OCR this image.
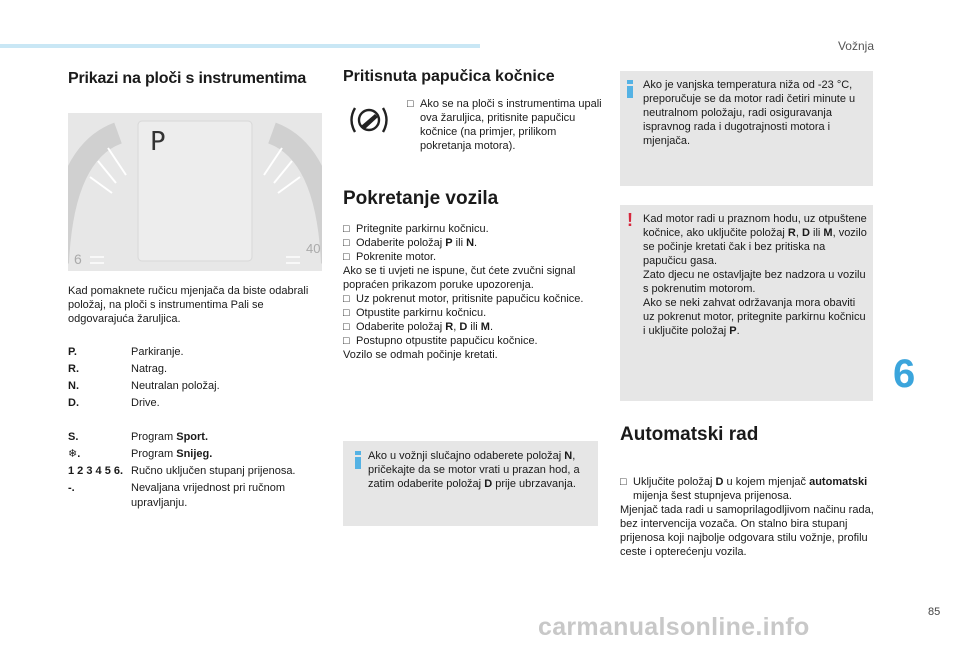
Vožnja
Prikazi na ploči s instrumentima
P
6
40
Kad pomaknete ručicu mjenjača da biste odabrali položaj, na ploči s instrumentima Pali se odgovarajuća žaruljica.
P.	Parkiranje.
R.	Natrag.
N.	Neutralan položaj.
D.	Drive.
S.	Program Sport.
❄.	Program Snijeg.
1 2 3 4 5 6. Ručno uključen stupanj prijenosa.
-.	Nevaljana vrijednost pri ručnom upravljanju.
Pritisnuta papučica kočnice
□ Ako se na ploči s instrumentima upali ova žaruljica, pritisnite papučicu kočnice (na primjer, prilikom pokretanja motora).
Pokretanje vozila
□ Pritegnite parkirnu kočnicu.
□ Odaberite položaj P ili N.
□ Pokrenite motor.
Ako se ti uvjeti ne ispune, čut ćete zvučni signal popraćen prikazom poruke upozorenja.
□ Uz pokrenut motor, pritisnite papučicu kočnice.
□ Otpustite parkirnu kočnicu.
□ Odaberite položaj R, D ili M.
□ Postupno otpustite papučicu kočnice.
Vozilo se odmah počinje kretati.
Ako u vožnji slučajno odaberete položaj N, pričekajte da se motor vrati u prazan hod, a zatim odaberite položaj D prije ubrzavanja.
Ako je vanjska temperatura niža od -23 °C, preporučuje se da motor radi četiri minute u neutralnom položaju, radi osiguravanja ispravnog rada i dugotrajnosti motora i mjenjača.
! Kad motor radi u praznom hodu, uz otpuštene kočnice, ako uključite položaj R, D ili M, vozilo se počinje kretati čak i bez pritiska na papučicu gasa.
Zato djecu ne ostavljajte bez nadzora u vozilu s pokrenutim motorom.
Ako se neki zahvat održavanja mora obaviti uz pokrenut motor, pritegnite parkirnu kočnicu i uključite položaj P.
Automatski rad
□ Uključite položaj D u kojem mjenjač automatski mijenja šest stupnjeva prijenosa.
Mjenjač tada radi u samoprilagodljivom načinu rada, bez intervencija vozača. On stalno bira stupanj prijenosa koji najbolje odgovara stilu vožnje, profilu ceste i opterećenju vozila.
6
85
carmanualsonline.info
